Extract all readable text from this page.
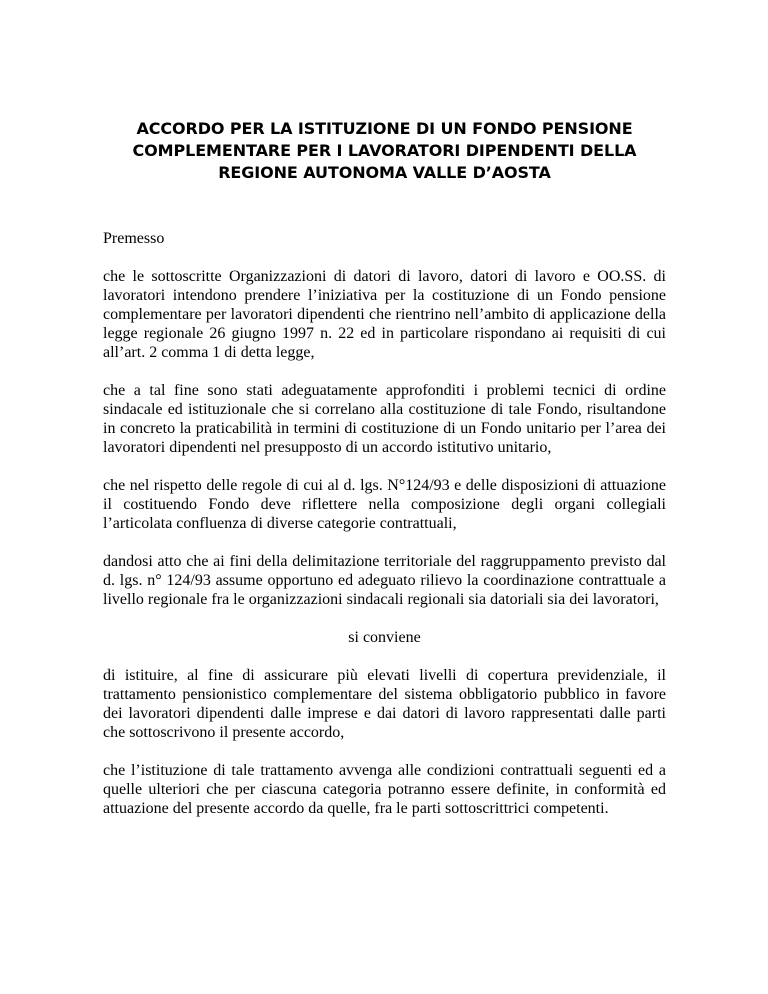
ACCORDO PER LA ISTITUZIONE DI UN FONDO PENSIONE
COMPLEMENTARE PER I LAVORATORI DIPENDENTI DELLA
REGIONE AUTONOMA VALLE D’AOSTA

Premesso

che le sottoscritte Organizzazioni di datori di lavoro, datori di lavoro e OO.SS. di lavoratori intendono prendere l’iniziativa per la costituzione di un Fondo pensione complementare per lavoratori dipendenti che rientrino nell’ambito di applicazione della legge regionale 26 giugno 1997 n. 22 ed in particolare rispondano ai requisiti di cui all’art. 2 comma 1 di detta legge,

che a tal fine sono stati adeguatamente approfonditi i problemi tecnici di ordine sindacale ed istituzionale che si correlano alla costituzione di tale Fondo, risultandone in concreto la praticabilità in termini di costituzione di un Fondo unitario per l’area dei lavoratori dipendenti nel presupposto di un accordo istitutivo unitario,

che nel rispetto delle regole di cui al d. lgs. N°124/93 e delle disposizioni di attuazione il costituendo Fondo deve riflettere nella composizione degli organi collegiali l’articolata confluenza di diverse categorie contrattuali,

dandosi atto che ai fini della delimitazione territoriale del raggruppamento previsto dal d. lgs. n° 124/93 assume opportuno ed adeguato rilievo la coordinazione contrattuale a livello regionale fra le organizzazioni sindacali regionali sia datoriali sia dei lavoratori,

si conviene

di istituire, al fine di assicurare più elevati livelli di copertura previdenziale, il trattamento pensionistico complementare del sistema obbligatorio pubblico in favore dei lavoratori dipendenti dalle imprese e dai datori di lavoro rappresentati dalle parti che sottoscrivono il presente accordo,

che l’istituzione di tale trattamento avvenga alle condizioni contrattuali seguenti ed a quelle ulteriori che per ciascuna categoria potranno essere definite, in conformità ed attuazione del presente accordo da quelle, fra le parti sottoscrittrici competenti.
